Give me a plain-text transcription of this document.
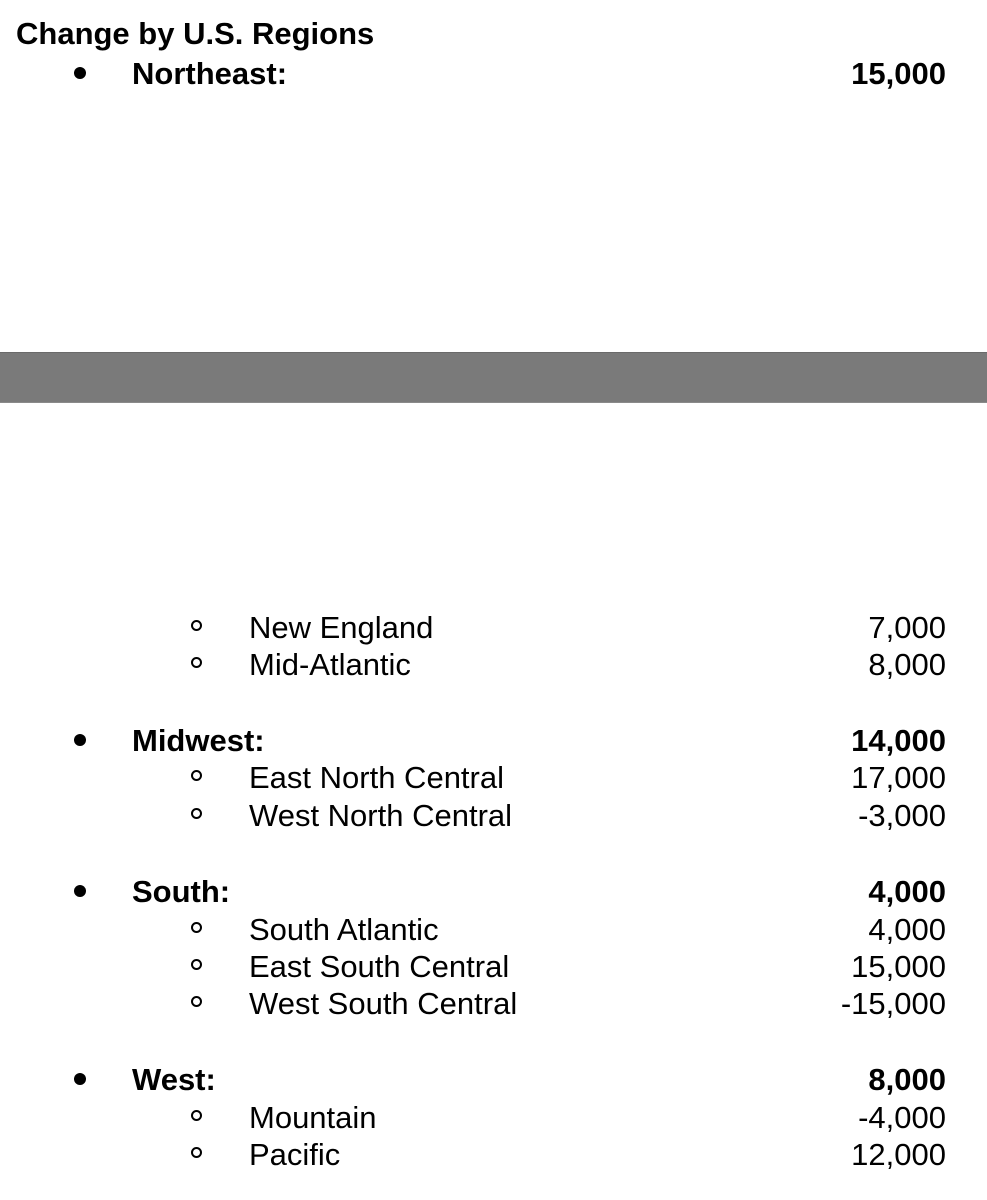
Change by U.S. Regions
Northeast:	15,000
New England	7,000
Mid-Atlantic	8,000
Midwest:	14,000
East North Central	17,000
West North Central	-3,000
South:	4,000
South Atlantic	4,000
East South Central	15,000
West South Central	-15,000
West:	8,000
Mountain	-4,000
Pacific	12,000
